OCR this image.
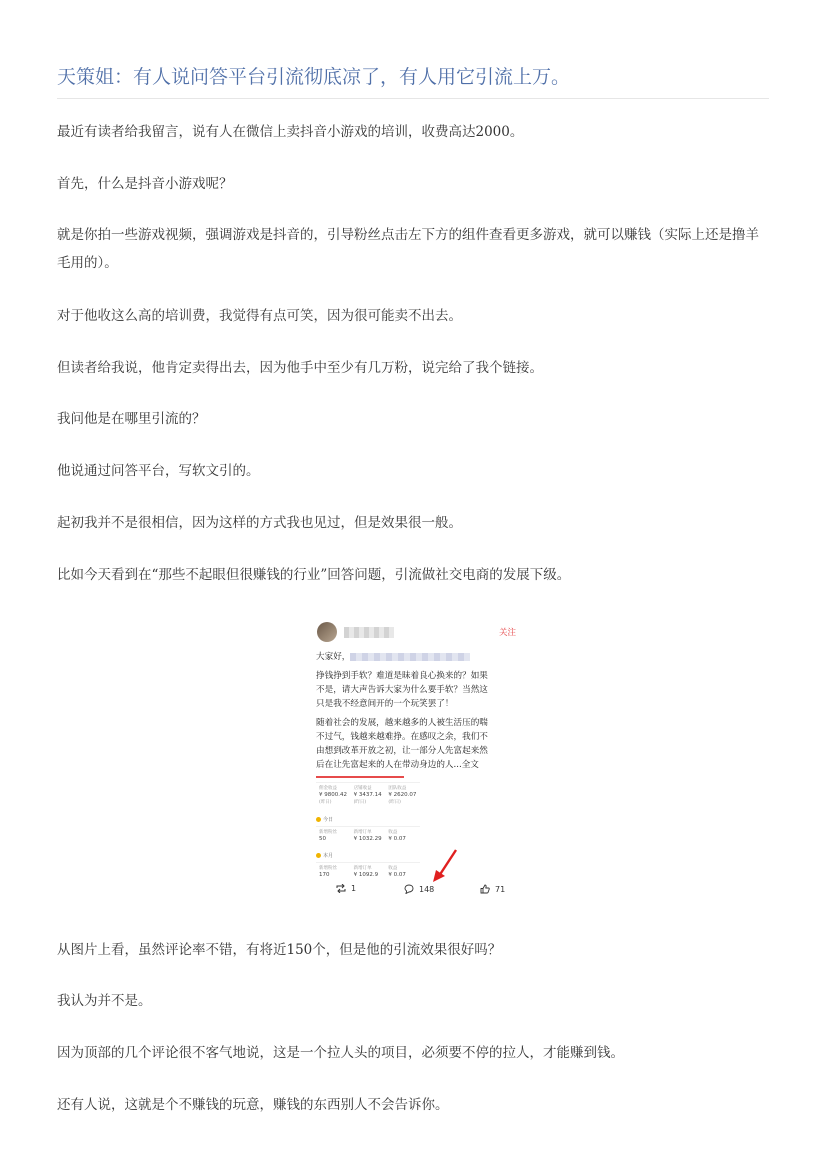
天策姐：有人说问答平台引流彻底凉了，有人用它引流上万。

最近有读者给我留言，说有人在微信上卖抖音小游戏的培训，收费高达2000。

首先，什么是抖音小游戏呢？

就是你拍一些游戏视频，强调游戏是抖音的，引导粉丝点击左下方的组件查看更多游戏，就可以赚钱（实际上还是撸羊毛用的）。

对于他收这么高的培训费，我觉得有点可笑，因为很可能卖不出去。

但读者给我说，他肯定卖得出去，因为他手中至少有几万粉，说完给了我个链接。

我问他是在哪里引流的？

他说通过问答平台，写软文引的。

起初我并不是很相信，因为这样的方式我也见过，但是效果很一般。

比如今天看到在“那些不起眼但很赚钱的行业”回答问题，引流做社交电商的发展下级。

关注

大家好，

挣钱挣到手软？难道是昧着良心换来的？如果

不是，请大声告诉大家为什么要手软？当然这

只是我不经意间开的一个玩笑罢了！

随着社会的发展，越来越多的人被生活压的喘

不过气，钱越来越难挣。在感叹之余，我们不

由想到改革开放之初，让一部分人先富起来然

后在让先富起来的人在带动身边的人...全文

佣金收益
¥ 9800.42
(昨日)
店铺收益
¥ 3437.14
(昨日)
团队收益
¥ 2620.07
(昨日)
今日
新增粉丝
50
新增订单
¥ 1032.29
收益
¥ 0.07
本月
新增粉丝
170
新增订单
¥ 1092.9
收益
¥ 0.07
1	148	71

从图片上看，虽然评论率不错，有将近150个，但是他的引流效果很好吗？

我认为并不是。

因为顶部的几个评论很不客气地说，这是一个拉人头的项目，必须要不停的拉人，才能赚到钱。

还有人说，这就是个不赚钱的玩意，赚钱的东西别人不会告诉你。
